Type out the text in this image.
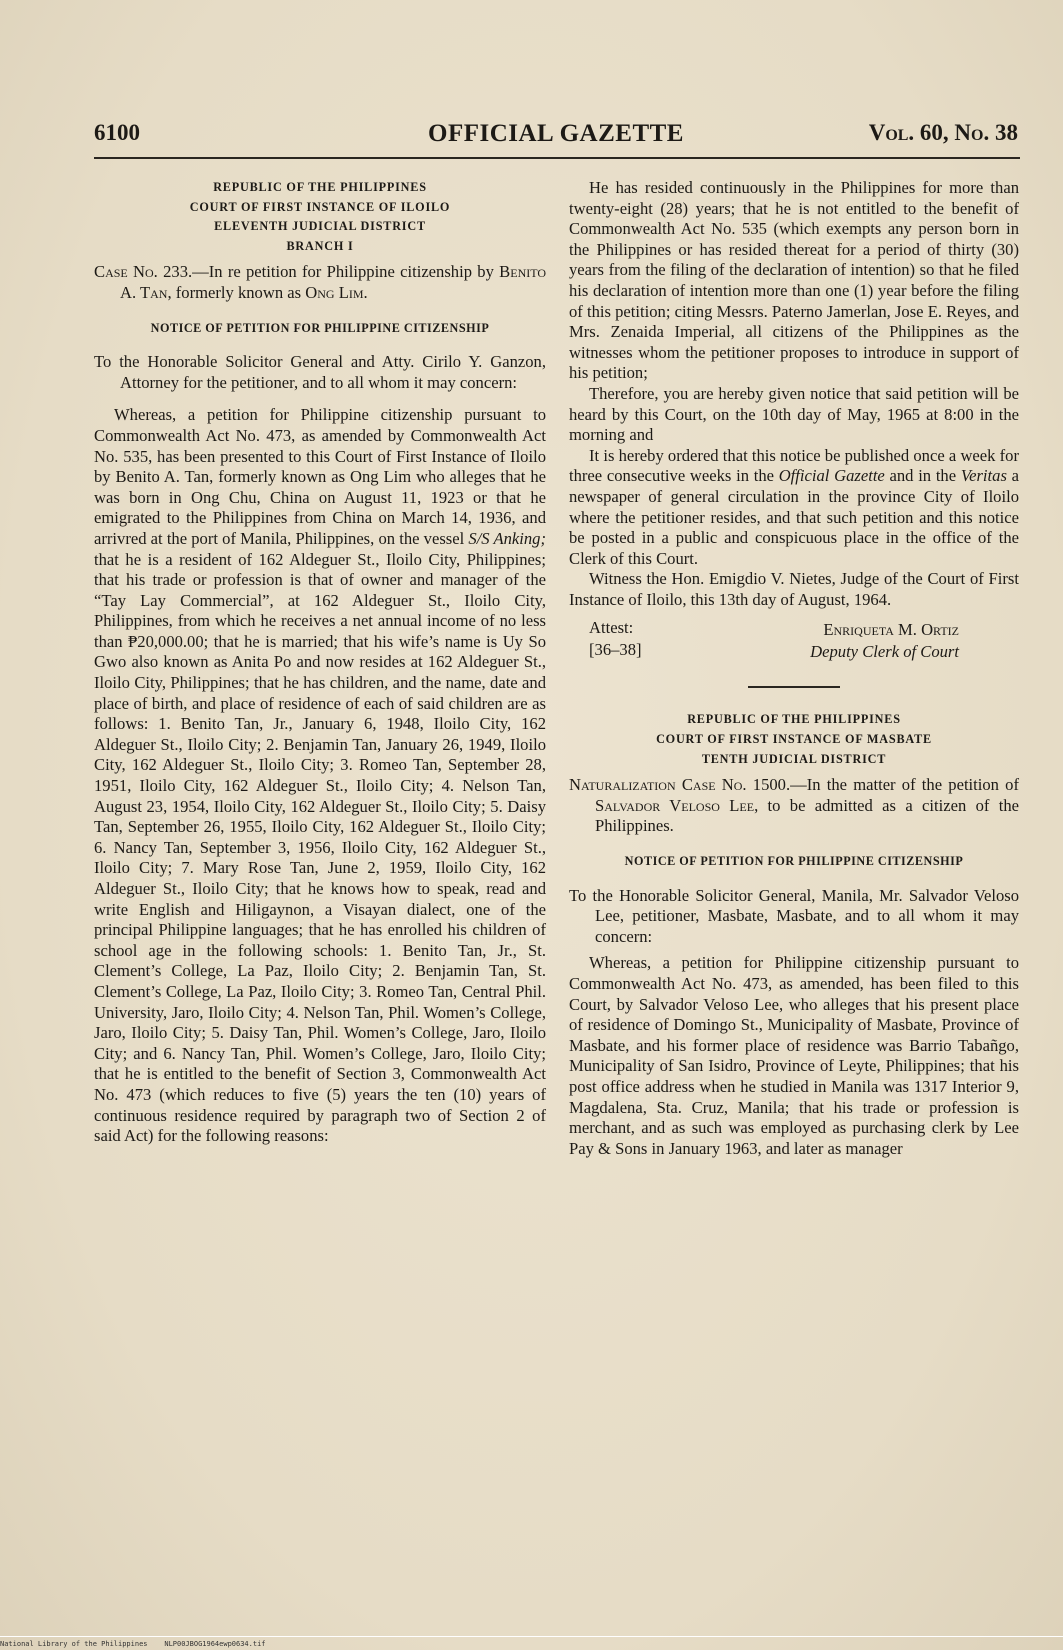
6100	OFFICIAL GAZETTE	Vol. 60, No. 38

REPUBLIC OF THE PHILIPPINES

COURT OF FIRST INSTANCE OF ILOILO

ELEVENTH JUDICIAL DISTRICT

BRANCH I

Case No. 233.—In re petition for Philippine citizenship by Benito A. Tan, formerly known as Ong Lim.

NOTICE OF PETITION FOR PHILIPPINE CITIZENSHIP

To the Honorable Solicitor General and Atty. Cirilo Y. Ganzon, Attorney for the petitioner, and to all whom it may concern:

Whereas, a petition for Philippine citizenship pursuant to Commonwealth Act No. 473, as amended by Commonwealth Act No. 535, has been presented to this Court of First Instance of Iloilo by Benito A. Tan, formerly known as Ong Lim who alleges that he was born in Ong Chu, China on August 11, 1923 or that he emigrated to the Philippines from China on March 14, 1936, and arrivred at the port of Manila, Philippines, on the vessel S/S Anking; that he is a resident of 162 Aldeguer St., Iloilo City, Philippines; that his trade or profession is that of owner and manager of the “Tay Lay Commercial”, at 162 Aldeguer St., Iloilo City, Philippines, from which he receives a net annual income of no less than ₱20,000.00; that he is married; that his wife’s name is Uy So Gwo also known as Anita Po and now resides at 162 Aldeguer St., Iloilo City, Philippines; that he has children, and the name, date and place of birth, and place of residence of each of said children are as follows: 1. Benito Tan, Jr., January 6, 1948, Iloilo City, 162 Aldeguer St., Iloilo City; 2. Benjamin Tan, January 26, 1949, Iloilo City, 162 Aldeguer St., Iloilo City; 3. Romeo Tan, September 28, 1951, Iloilo City, 162 Aldeguer St., Iloilo City; 4. Nelson Tan, August 23, 1954, Iloilo City, 162 Aldeguer St., Iloilo City; 5. Daisy Tan, September 26, 1955, Iloilo City, 162 Aldeguer St., Iloilo City; 6. Nancy Tan, September 3, 1956, Iloilo City, 162 Aldeguer St., Iloilo City; 7. Mary Rose Tan, June 2, 1959, Iloilo City, 162 Aldeguer St., Iloilo City; that he knows how to speak, read and write English and Hiligaynon, a Visayan dialect, one of the principal Philippine languages; that he has enrolled his children of school age in the following schools: 1. Benito Tan, Jr., St. Clement’s College, La Paz, Iloilo City; 2. Benjamin Tan, St. Clement’s College, La Paz, Iloilo City; 3. Romeo Tan, Central Phil. University, Jaro, Iloilo City; 4. Nelson Tan, Phil. Women’s College, Jaro, Iloilo City; 5. Daisy Tan, Phil. Women’s College, Jaro, Iloilo City; and 6. Nancy Tan, Phil. Women’s College, Jaro, Iloilo City; that he is entitled to the benefit of Section 3, Commonwealth Act No. 473 (which reduces to five (5) years the ten (10) years of continuous residence required by paragraph two of Section 2 of said Act) for the following reasons:

He has resided continuously in the Philippines for more than twenty-eight (28) years; that he is not entitled to the benefit of Commonwealth Act No. 535 (which exempts any person born in the Philippines or has resided thereat for a period of thirty (30) years from the filing of the declaration of intention) so that he filed his declaration of intention more than one (1) year before the filing of this petition; citing Messrs. Paterno Jamerlan, Jose E. Reyes, and Mrs. Zenaida Imperial, all citizens of the Philippines as the witnesses whom the petitioner proposes to introduce in support of his petition;

Therefore, you are hereby given notice that said petition will be heard by this Court, on the 10th day of May, 1965 at 8:00 in the morning and

It is hereby ordered that this notice be published once a week for three consecutive weeks in the Official Gazette and in the Veritas a newspaper of general circulation in the province City of Iloilo where the petitioner resides, and that such petition and this notice be posted in a public and conspicuous place in the office of the Clerk of this Court.

Witness the Hon. Emigdio V. Nietes, Judge of the Court of First Instance of Iloilo, this 13th day of August, 1964.

Attest:
[36–38]
Enriqueta M. Ortiz
Deputy Clerk of Court

REPUBLIC OF THE PHILIPPINES

COURT OF FIRST INSTANCE OF MASBATE

TENTH JUDICIAL DISTRICT

Naturalization Case No. 1500.—In the matter of the petition of Salvador Veloso Lee, to be admitted as a citizen of the Philippines.

NOTICE OF PETITION FOR PHILIPPINE CITIZENSHIP

To the Honorable Solicitor General, Manila, Mr. Salvador Veloso Lee, petitioner, Masbate, Masbate, and to all whom it may concern:

Whereas, a petition for Philippine citizenship pursuant to Commonwealth Act No. 473, as amended, has been filed to this Court, by Salvador Veloso Lee, who alleges that his present place of residence of Domingo St., Municipality of Masbate, Province of Masbate, and his former place of residence was Barrio Tabañgo, Municipality of San Isidro, Province of Leyte, Philippines; that his post office address when he studied in Manila was 1317 Interior 9, Magdalena, Sta. Cruz, Manila; that his trade or profession is merchant, and as such was employed as purchasing clerk by Lee Pay & Sons in January 1963, and later as manager

National Library of the Philippines    NLP00JBOG1964ewp0634.tif
